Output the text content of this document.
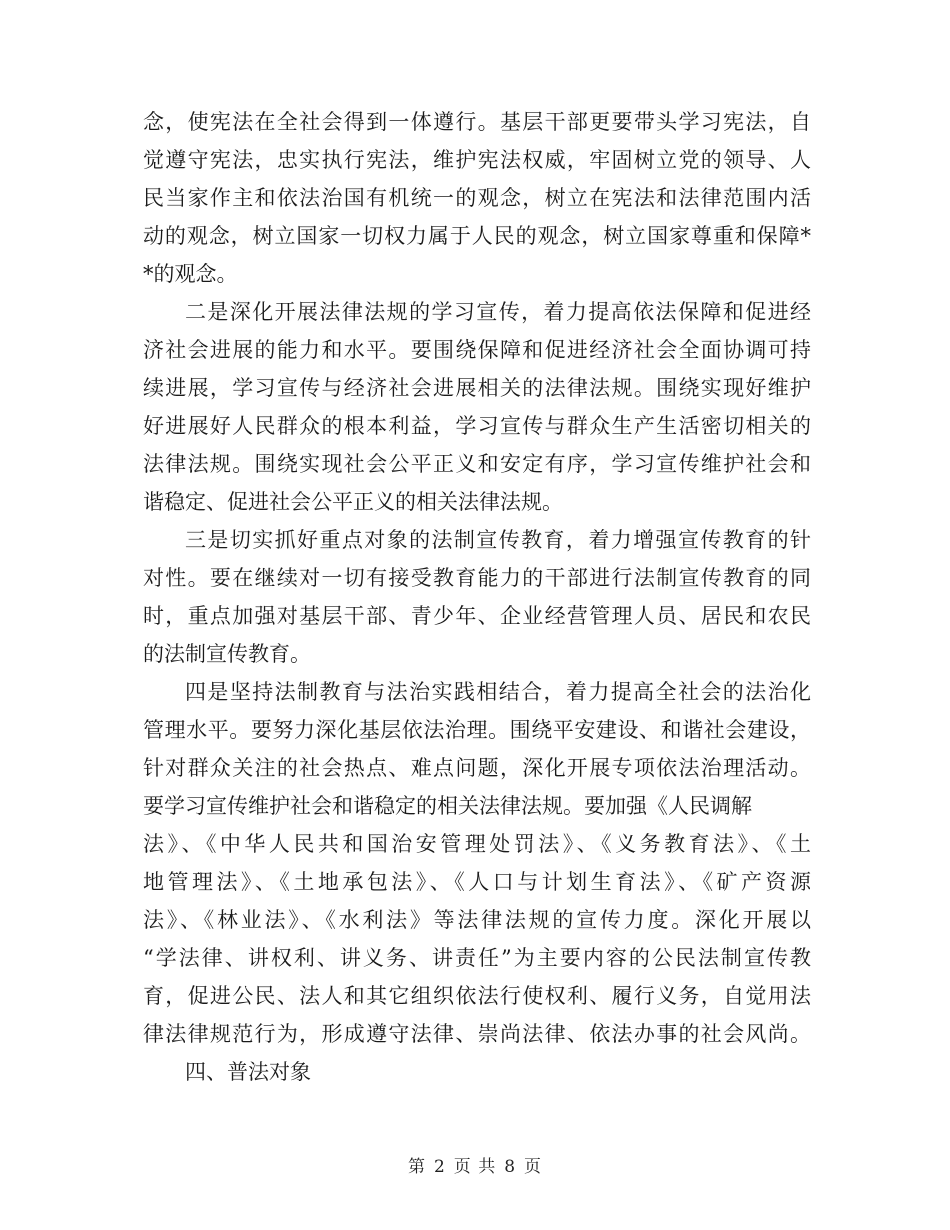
念，使宪法在全社会得到一体遵行。基层干部更要带头学习宪法，自
觉遵守宪法，忠实执行宪法，维护宪法权威，牢固树立党的领导、人
民当家作主和依法治国有机统一的观念，树立在宪法和法律范围内活
动的观念，树立国家一切权力属于人民的观念，树立国家尊重和保障*
*的观念。
二是深化开展法律法规的学习宣传，着力提高依法保障和促进经
济社会进展的能力和水平。要围绕保障和促进经济社会全面协调可持
续进展，学习宣传与经济社会进展相关的法律法规。围绕实现好维护
好进展好人民群众的根本利益，学习宣传与群众生产生活密切相关的
法律法规。围绕实现社会公平正义和安定有序，学习宣传维护社会和
谐稳定、促进社会公平正义的相关法律法规。
三是切实抓好重点对象的法制宣传教育，着力增强宣传教育的针
对性。要在继续对一切有接受教育能力的干部进行法制宣传教育的同
时，重点加强对基层干部、青少年、企业经营管理人员、居民和农民
的法制宣传教育。
四是坚持法制教育与法治实践相结合，着力提高全社会的法治化
管理水平。要努力深化基层依法治理。围绕平安建设、和谐社会建设，
针对群众关注的社会热点、难点问题，深化开展专项依法治理活动。
要学习宣传维护社会和谐稳定的相关法律法规。要加强《人民调解
法》、《中华人民共和国治安管理处罚法》、《义务教育法》、《土
地管理法》、《土地承包法》、《人口与计划生育法》、《矿产资源
法》、《林业法》、《水利法》等法律法规的宣传力度。深化开展以
“学法律、讲权利、讲义务、讲责任”为主要内容的公民法制宣传教
育，促进公民、法人和其它组织依法行使权利、履行义务，自觉用法
律法律规范行为，形成遵守法律、崇尚法律、依法办事的社会风尚。
四、普法对象
第 2 页 共 8 页
